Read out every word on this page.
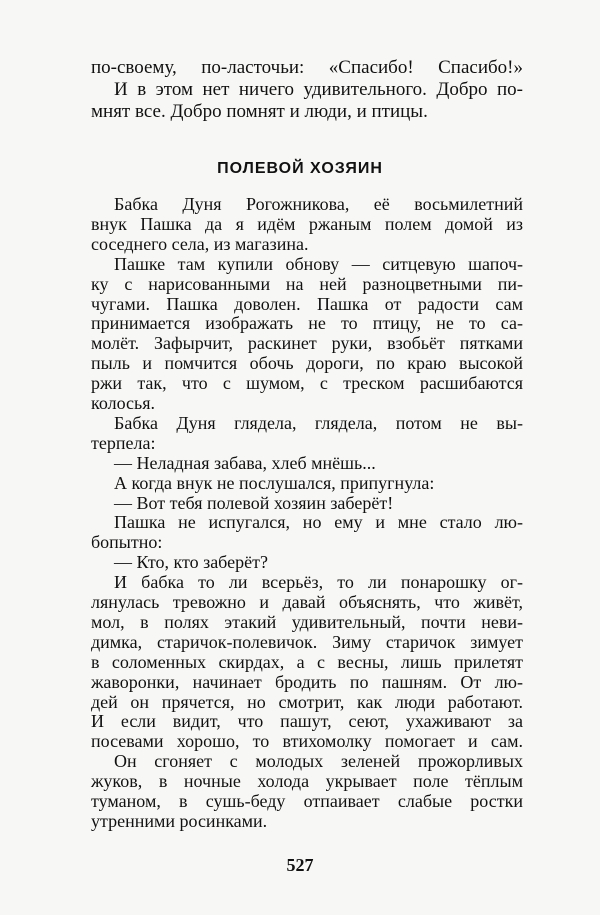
по-своему, по-ласточьи: «Спасибо! Спасибо!»
И в этом нет ничего удивительного. Добро по-
мнят все. Добро помнят и люди, и птицы.
ПОЛЕВОЙ ХОЗЯИН
Бабка Дуня Рогожникова, её восьмилетний
внук Пашка да я идём ржаным полем домой из
соседнего села, из магазина.
Пашке там купили обнову — ситцевую шапоч-
ку с нарисованными на ней разноцветными пи-
чугами. Пашка доволен. Пашка от радости сам
принимается изображать не то птицу, не то са-
молёт. Зафырчит, раскинет руки, взобьёт пятками
пыль и помчится обочь дороги, по краю высокой
ржи так, что с шумом, с треском расшибаются
колосья.
Бабка Дуня глядела, глядела, потом не вы-
терпела:
— Неладная забава, хлеб мнёшь...
А когда внук не послушался, припугнула:
— Вот тебя полевой хозяин заберёт!
Пашка не испугался, но ему и мне стало лю-
бопытно:
— Кто, кто заберёт?
И бабка то ли всерьёз, то ли понарошку ог-
лянулась тревожно и давай объяснять, что живёт,
мол, в полях этакий удивительный, почти неви-
димка, старичок-полевичок. Зиму старичок зимует
в соломенных скирдах, а с весны, лишь прилетят
жаворонки, начинает бродить по пашням. От лю-
дей он прячется, но смотрит, как люди работают.
И если видит, что пашут, сеют, ухаживают за
посевами хорошо, то втихомолку помогает и сам.
Он сгоняет с молодых зеленей прожорливых
жуков, в ночные холода укрывает поле тёплым
туманом, в сушь-беду отпаивает слабые ростки
утренними росинками.
527
